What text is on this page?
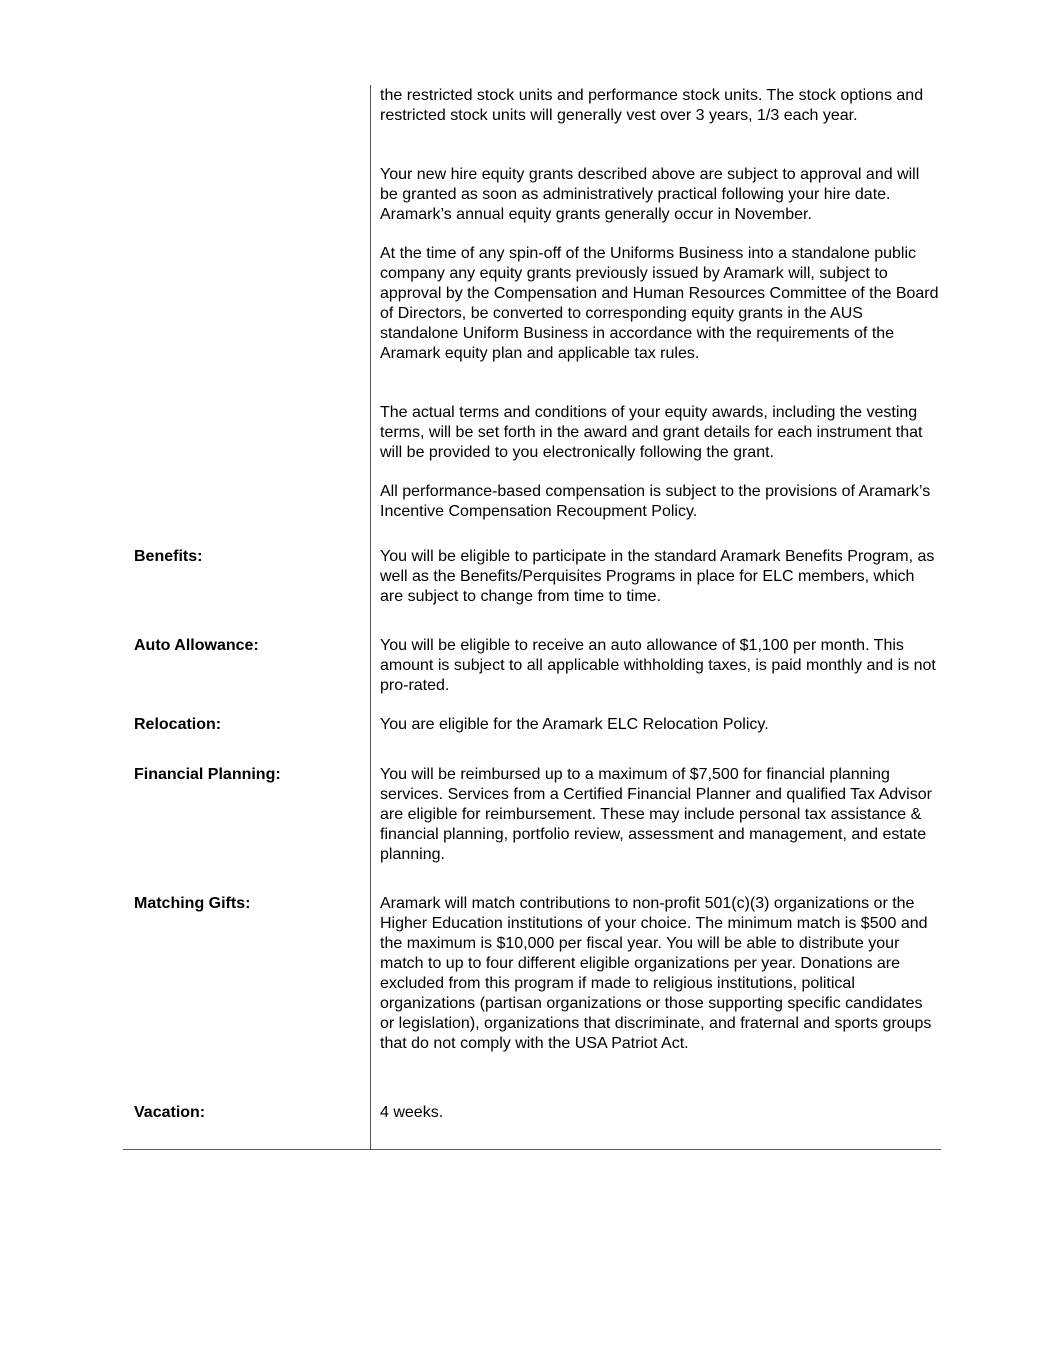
the restricted stock units and performance stock units. The stock options and restricted stock units will generally vest over 3 years, 1/3 each year.

Your new hire equity grants described above are subject to approval and will be granted as soon as administratively practical following your hire date. Aramark’s annual equity grants generally occur in November.

At the time of any spin-off of the Uniforms Business into a standalone public company any equity grants previously issued by Aramark will, subject to approval by the Compensation and Human Resources Committee of the Board of Directors, be converted to corresponding equity grants in the AUS standalone Uniform Business in accordance with the requirements of the Aramark equity plan and applicable tax rules.

The actual terms and conditions of your equity awards, including the vesting terms, will be set forth in the award and grant details for each instrument that will be provided to you electronically following the grant.

All performance-based compensation is subject to the provisions of Aramark’s Incentive Compensation Recoupment Policy.

Benefits:	You will be eligible to participate in the standard Aramark Benefits Program, as well as the Benefits/Perquisites Programs in place for ELC members, which are subject to change from time to time.

Auto Allowance:	You will be eligible to receive an auto allowance of $1,100 per month. This amount is subject to all applicable withholding taxes, is paid monthly and is not pro-rated.

Relocation:	You are eligible for the Aramark ELC Relocation Policy.

Financial Planning:	You will be reimbursed up to a maximum of $7,500 for financial planning services. Services from a Certified Financial Planner and qualified Tax Advisor are eligible for reimbursement. These may include personal tax assistance & financial planning, portfolio review, assessment and management, and estate planning.

Matching Gifts:	Aramark will match contributions to non-profit 501(c)(3) organizations or the Higher Education institutions of your choice. The minimum match is $500 and the maximum is $10,000 per fiscal year. You will be able to distribute your match to up to four different eligible organizations per year. Donations are excluded from this program if made to religious institutions, political organizations (partisan organizations or those supporting specific candidates or legislation), organizations that discriminate, and fraternal and sports groups that do not comply with the USA Patriot Act.

Vacation:	4 weeks.
